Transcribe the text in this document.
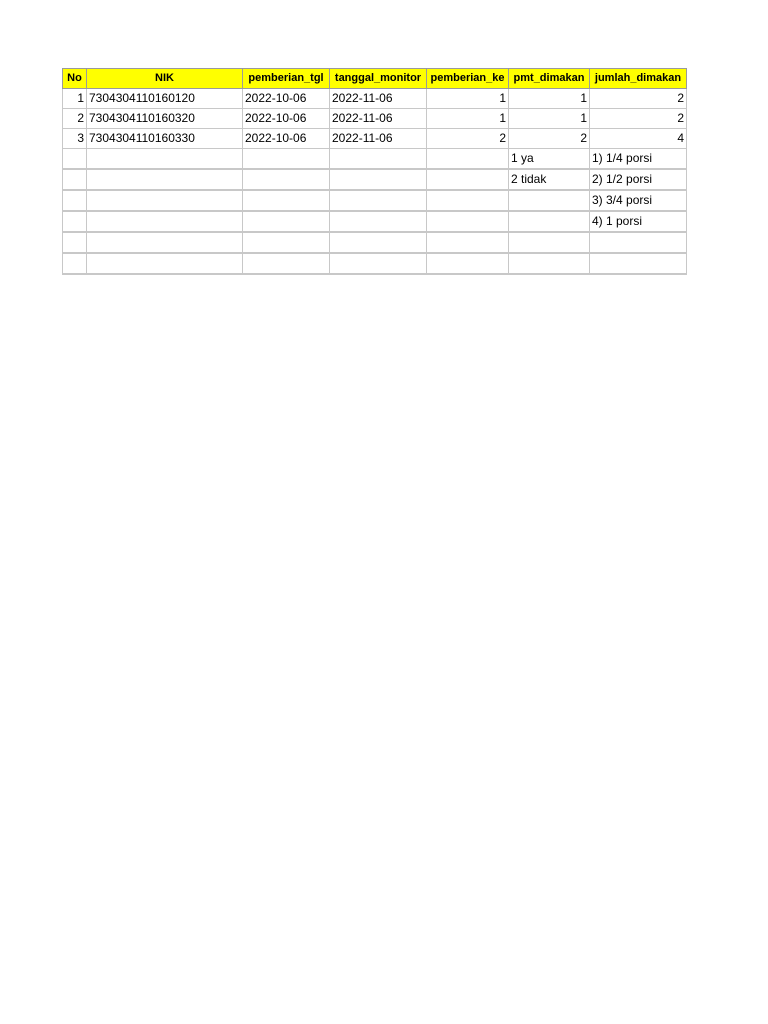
No	NIK	pemberian_tgl	tanggal_monitor	pemberian_ke	pmt_dimakan	jumlah_dimakan
1	7304304110160120	2022-10-06	2022-11-06	1	1	2
2	7304304110160320	2022-10-06	2022-11-06	1	1	2
3	7304304110160330	2022-10-06	2022-11-06	2	2	4
					1 ya	1) 1/4 porsi
					2 tidak	2) 1/2 porsi
						3) 3/4 porsi
						4) 1 porsi
